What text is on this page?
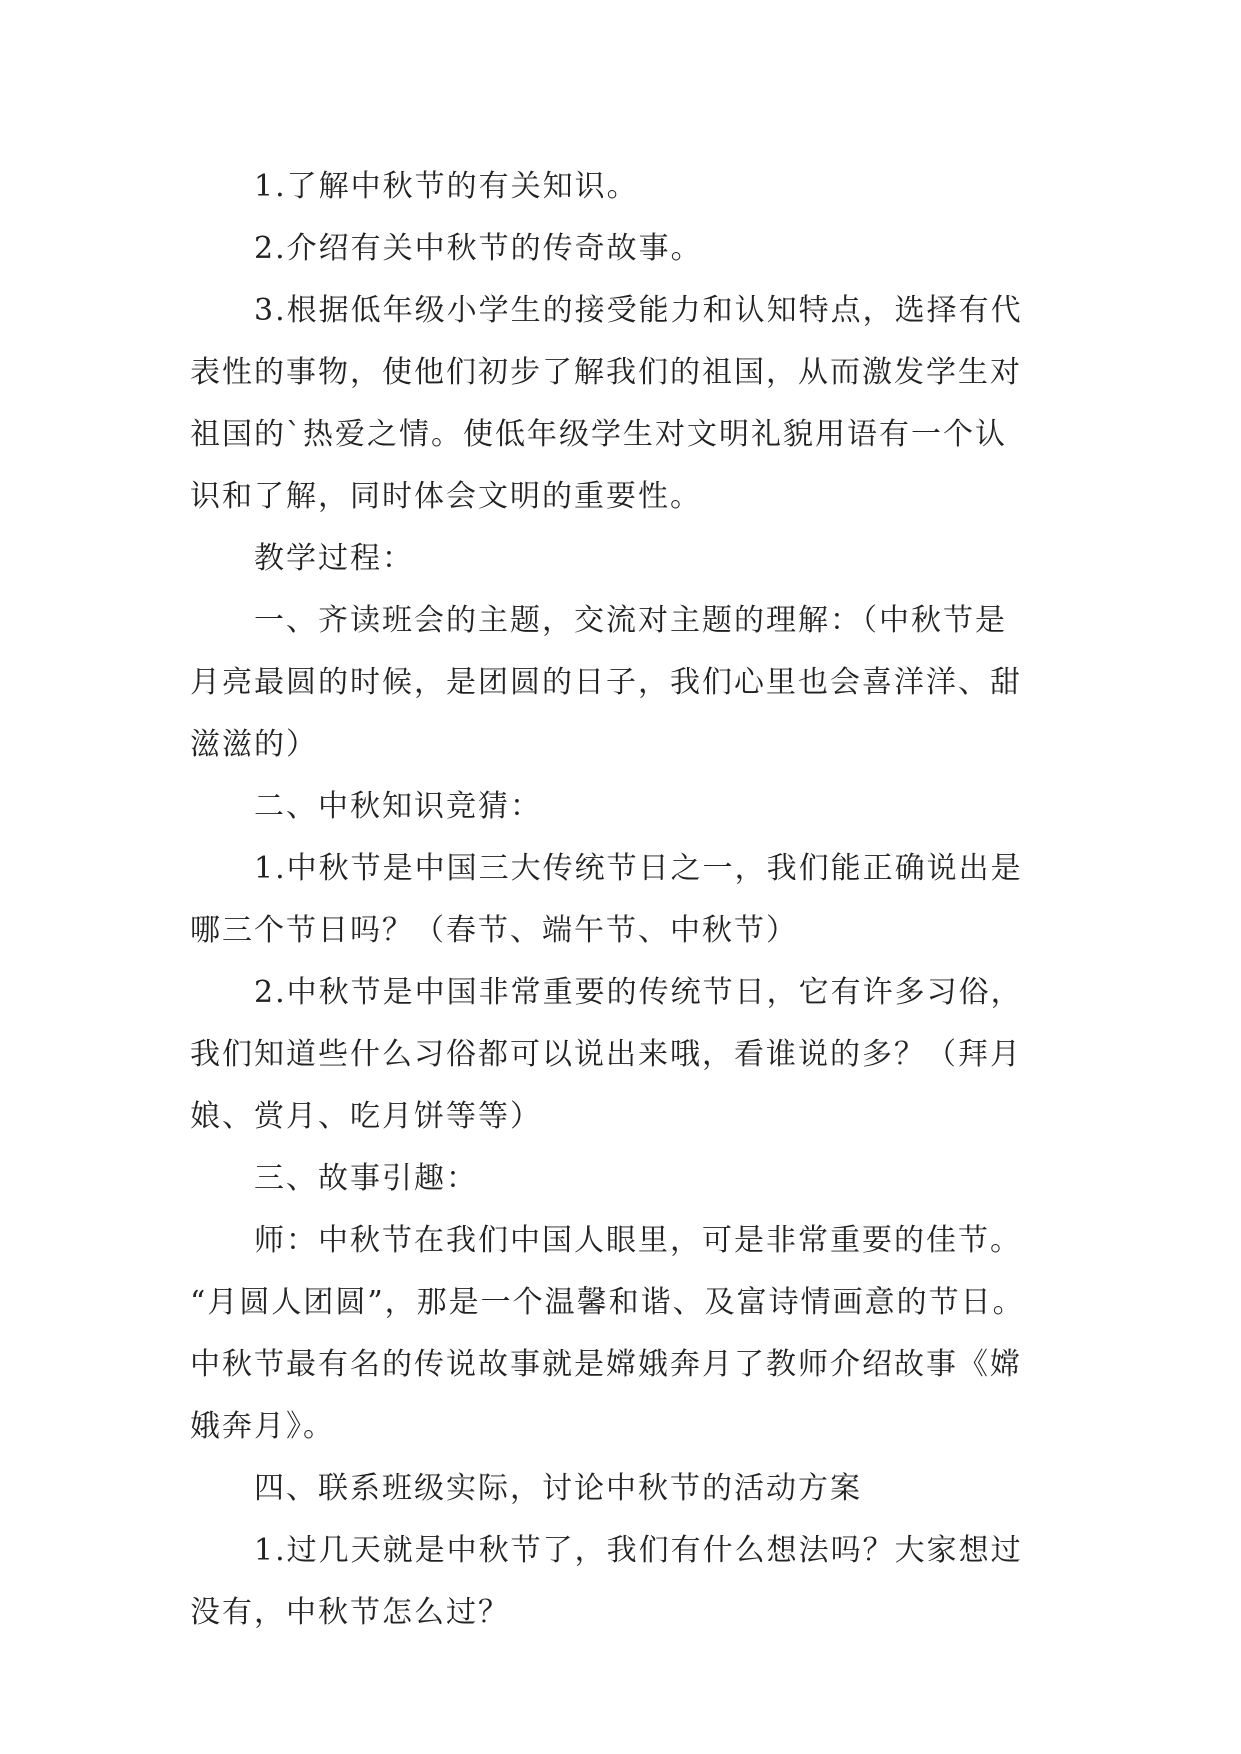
1.了解中秋节的有关知识。
2.介绍有关中秋节的传奇故事。
3.根据低年级小学生的接受能力和认知特点，选择有代
表性的事物，使他们初步了解我们的祖国，从而激发学生对
祖国的`热爱之情。使低年级学生对文明礼貌用语有一个认
识和了解，同时体会文明的重要性。
教学过程：
一、齐读班会的主题，交流对主题的理解：（中秋节是
月亮最圆的时候，是团圆的日子，我们心里也会喜洋洋、甜
滋滋的）
二、中秋知识竞猜：
1.中秋节是中国三大传统节日之一，我们能正确说出是
哪三个节日吗？（春节、端午节、中秋节）
2.中秋节是中国非常重要的传统节日，它有许多习俗，
我们知道些什么习俗都可以说出来哦，看谁说的多？（拜月
娘、赏月、吃月饼等等）
三、故事引趣：
师：中秋节在我们中国人眼里，可是非常重要的佳节。
“月圆人团圆”，那是一个温馨和谐、及富诗情画意的节日。
中秋节最有名的传说故事就是嫦娥奔月了教师介绍故事《嫦
娥奔月》。
四、联系班级实际，讨论中秋节的活动方案
1.过几天就是中秋节了，我们有什么想法吗？大家想过
没有，中秋节怎么过？
